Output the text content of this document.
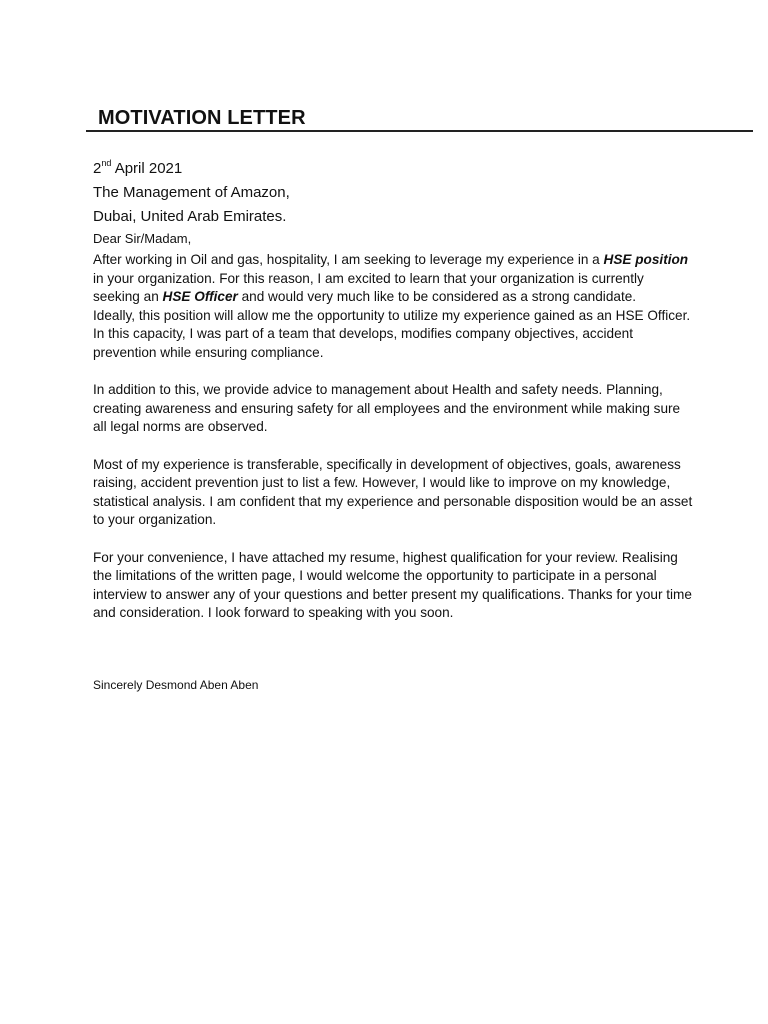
MOTIVATION LETTER
2nd April 2021
The Management of Amazon,
Dubai, United Arab Emirates.
Dear Sir/Madam,

After working in Oil and gas, hospitality, I am seeking to leverage my experience in a HSE position in your organization. For this reason, I am excited to learn that your organization is currently seeking an HSE Officer and would very much like to be considered as a strong candidate.

Ideally, this position will allow me the opportunity to utilize my experience gained as an HSE Officer. In this capacity, I was part of a team that develops, modifies company objectives, accident prevention while ensuring compliance.

In addition to this, we provide advice to management about Health and safety needs. Planning, creating awareness and ensuring safety for all employees and the environment while making sure all legal norms are observed.

Most of my experience is transferable, specifically in development of objectives, goals, awareness raising, accident prevention just to list a few. However, I would like to improve on my knowledge, statistical analysis. I am confident that my experience and personable disposition would be an asset to your organization.

For your convenience, I have attached my resume, highest qualification for your review. Realising the limitations of the written page, I would welcome the opportunity to participate in a personal interview to answer any of your questions and better present my qualifications. Thanks for your time and consideration. I look forward to speaking with you soon.

Sincerely Desmond Aben Aben
